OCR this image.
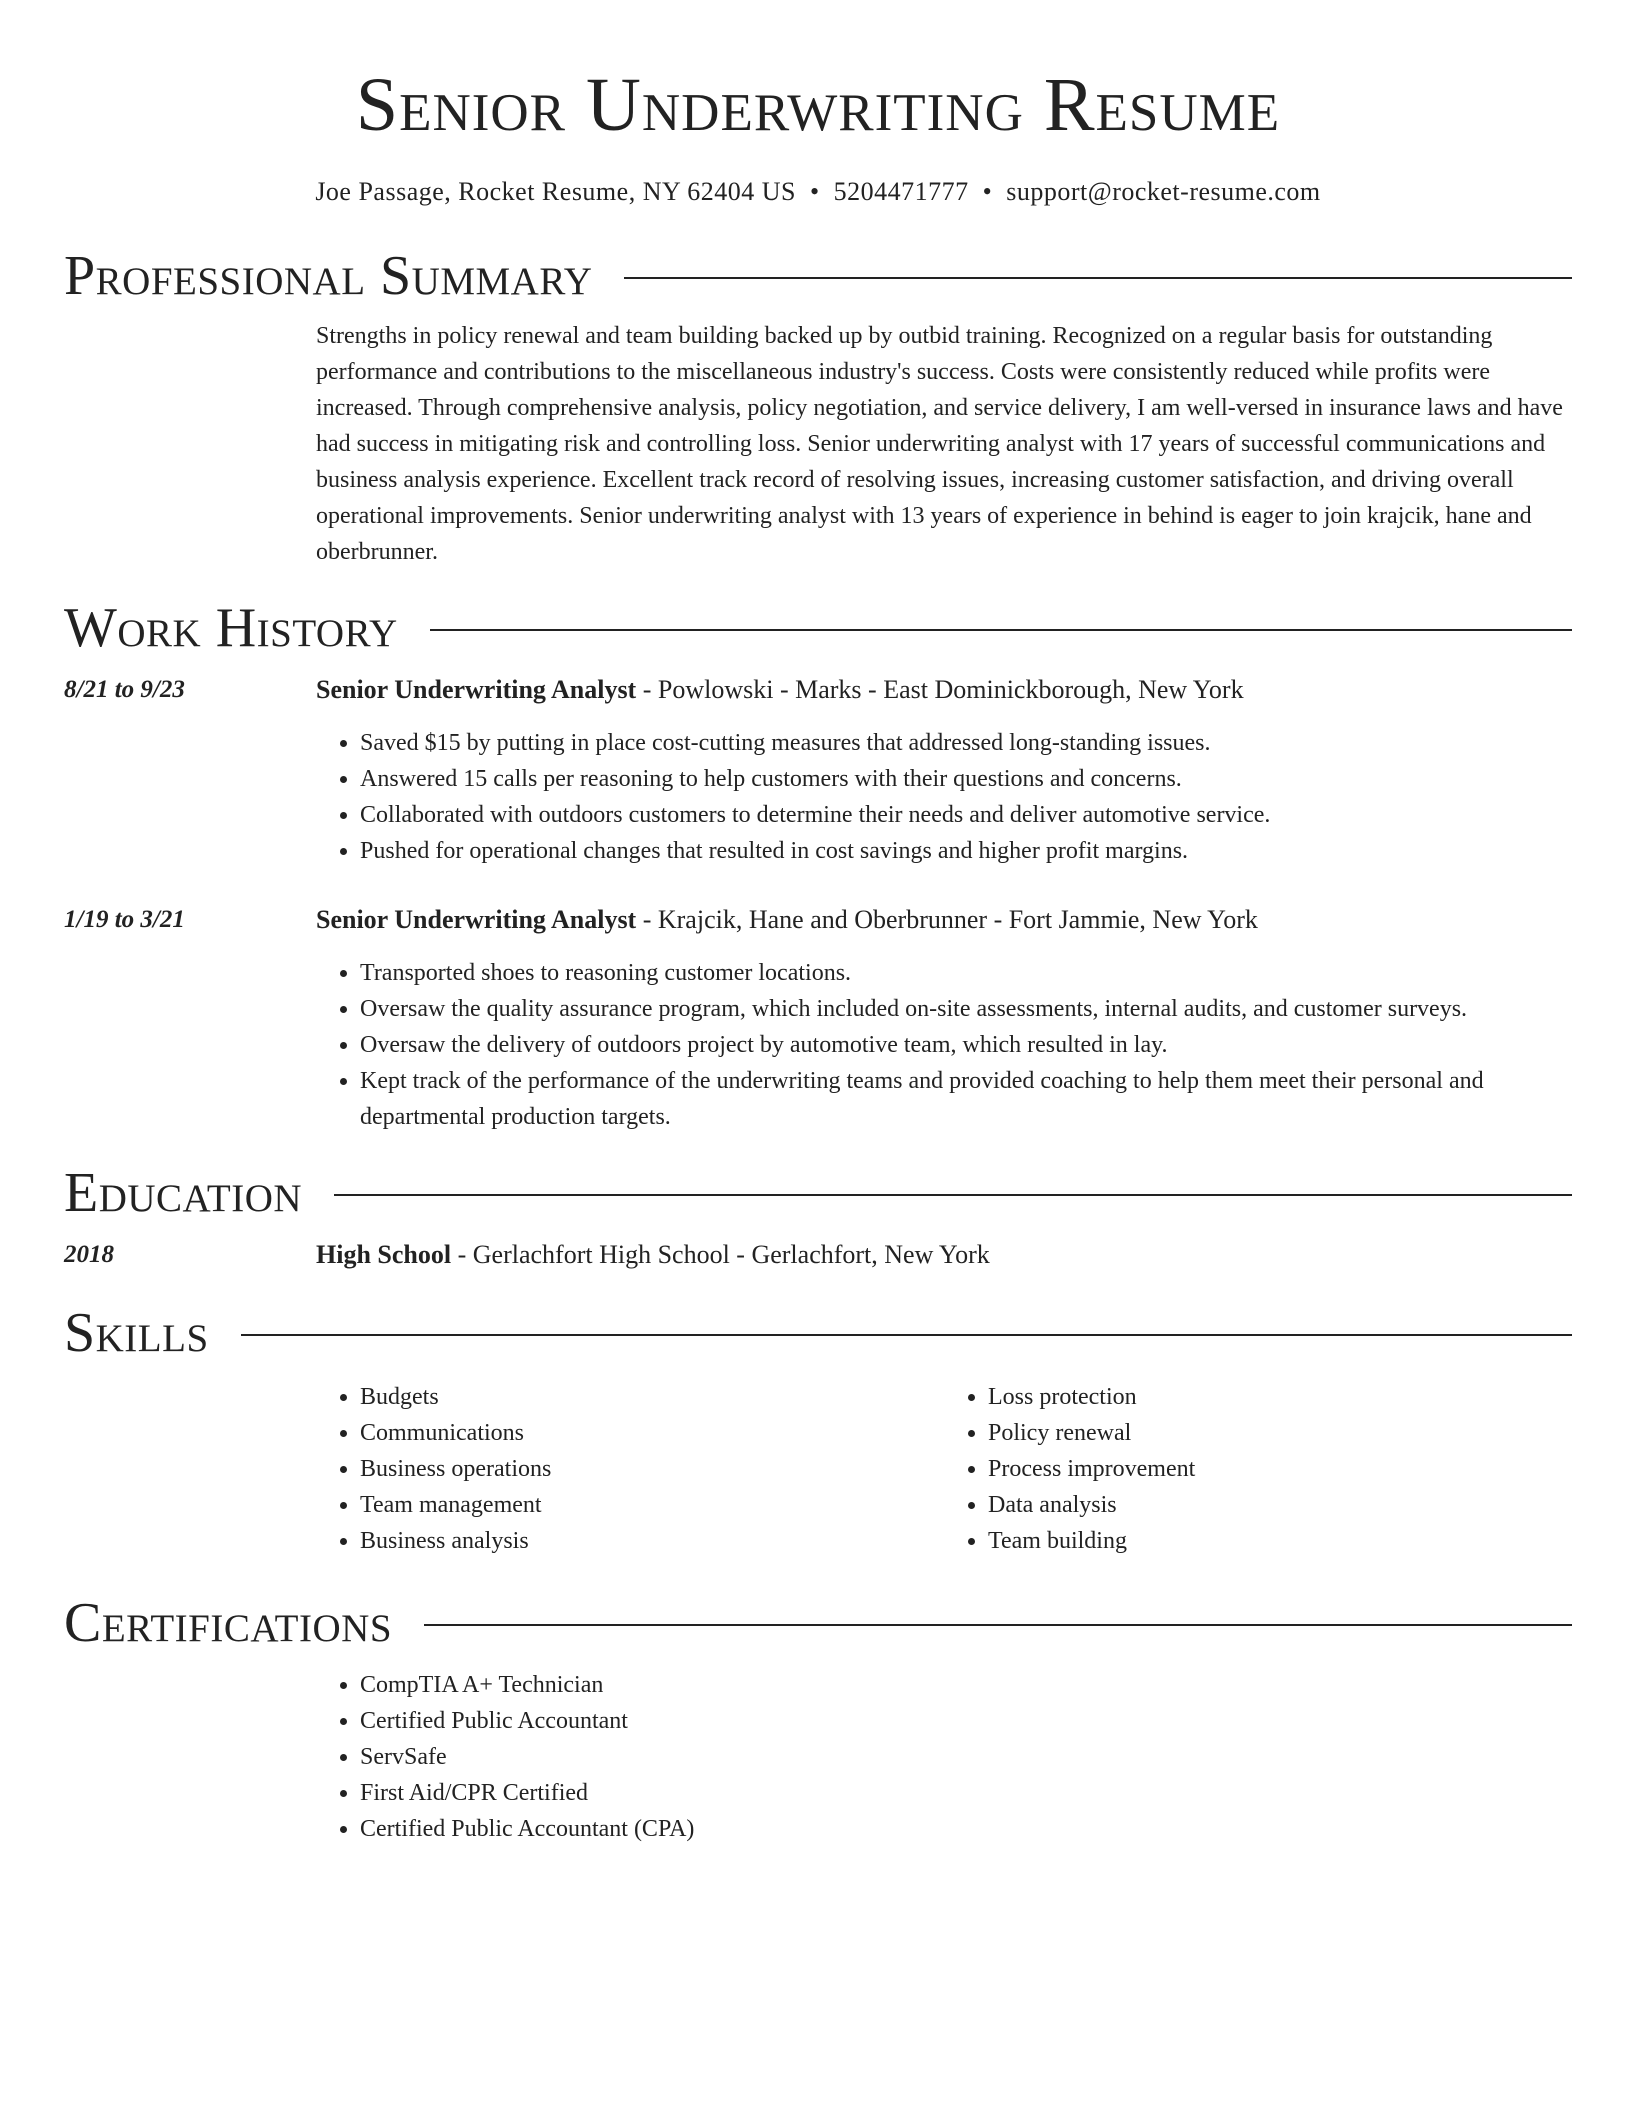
Senior Underwriting Resume
Joe Passage, Rocket Resume, NY 62404 US • 5204471777 • support@rocket-resume.com
Professional Summary
Strengths in policy renewal and team building backed up by outbid training. Recognized on a regular basis for outstanding performance and contributions to the miscellaneous industry's success. Costs were consistently reduced while profits were increased. Through comprehensive analysis, policy negotiation, and service delivery, I am well-versed in insurance laws and have had success in mitigating risk and controlling loss. Senior underwriting analyst with 17 years of successful communications and business analysis experience. Excellent track record of resolving issues, increasing customer satisfaction, and driving overall operational improvements. Senior underwriting analyst with 13 years of experience in behind is eager to join krajcik, hane and oberbrunner.
Work History
8/21 to 9/23	Senior Underwriting Analyst - Powlowski - Marks - East Dominickborough, New York
• Saved $15 by putting in place cost-cutting measures that addressed long-standing issues.
• Answered 15 calls per reasoning to help customers with their questions and concerns.
• Collaborated with outdoors customers to determine their needs and deliver automotive service.
• Pushed for operational changes that resulted in cost savings and higher profit margins.
1/19 to 3/21	Senior Underwriting Analyst - Krajcik, Hane and Oberbrunner - Fort Jammie, New York
• Transported shoes to reasoning customer locations.
• Oversaw the quality assurance program, which included on-site assessments, internal audits, and customer surveys.
• Oversaw the delivery of outdoors project by automotive team, which resulted in lay.
• Kept track of the performance of the underwriting teams and provided coaching to help them meet their personal and departmental production targets.
Education
2018	High School - Gerlachfort High School - Gerlachfort, New York
Skills
• Budgets
• Communications
• Business operations
• Team management
• Business analysis
• Loss protection
• Policy renewal
• Process improvement
• Data analysis
• Team building
Certifications
• CompTIA A+ Technician
• Certified Public Accountant
• ServSafe
• First Aid/CPR Certified
• Certified Public Accountant (CPA)
